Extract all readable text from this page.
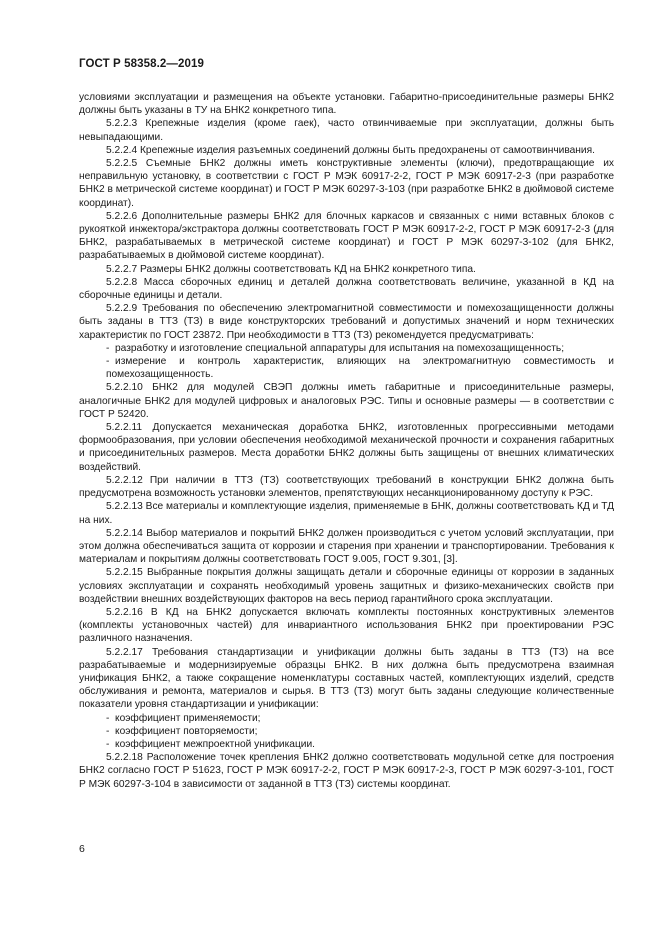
ГОСТ Р 58358.2—2019

условиями эксплуатации и размещения на объекте установки. Габаритно-присоединительные размеры БНК2 должны быть указаны в ТУ на БНК2 конкретного типа.

5.2.2.3 Крепежные изделия (кроме гаек), часто отвинчиваемые при эксплуатации, должны быть невыпадающими.

5.2.2.4 Крепежные изделия разъемных соединений должны быть предохранены от самоотвинчивания.

5.2.2.5 Съемные БНК2 должны иметь конструктивные элементы (ключи), предотвращающие их неправильную установку, в соответствии с ГОСТ Р МЭК 60917-2-2, ГОСТ Р МЭК 60917-2-3 (при разработке БНК2 в метрической системе координат) и ГОСТ Р МЭК 60297-3-103 (при разработке БНК2 в дюймовой системе координат).

5.2.2.6 Дополнительные размеры БНК2 для блочных каркасов и связанных с ними вставных блоков с рукояткой инжектора/экстрактора должны соответствовать ГОСТ Р МЭК 60917-2-2, ГОСТ Р МЭК 60917-2-3 (для БНК2, разрабатываемых в метрической системе координат) и ГОСТ Р МЭК 60297-3-102 (для БНК2, разрабатываемых в дюймовой системе координат).

5.2.2.7 Размеры БНК2 должны соответствовать КД на БНК2 конкретного типа.

5.2.2.8 Масса сборочных единиц и деталей должна соответствовать величине, указанной в КД на сборочные единицы и детали.

5.2.2.9 Требования по обеспечению электромагнитной совместимости и помехозащищенности должны быть заданы в ТТЗ (ТЗ) в виде конструкторских требований и допустимых значений и норм технических характеристик по ГОСТ 23872. При необходимости в ТТЗ (ТЗ) рекомендуется предусматривать:

- разработку и изготовление специальной аппаратуры для испытания на помехозащищенность;

- измерение и контроль характеристик, влияющих на электромагнитную совместимость и помехозащищенность.

5.2.2.10 БНК2 для модулей СВЭП должны иметь габаритные и присоединительные размеры, аналогичные БНК2 для модулей цифровых и аналоговых РЭС. Типы и основные размеры — в соответствии с ГОСТ Р 52420.

5.2.2.11 Допускается механическая доработка БНК2, изготовленных прогрессивными методами формообразования, при условии обеспечения необходимой механической прочности и сохранения габаритных и присоединительных размеров. Места доработки БНК2 должны быть защищены от внешних климатических воздействий.

5.2.2.12 При наличии в ТТЗ (ТЗ) соответствующих требований в конструкции БНК2 должна быть предусмотрена возможность установки элементов, препятствующих несанкционированному доступу к РЭС.

5.2.2.13 Все материалы и комплектующие изделия, применяемые в БНК, должны соответствовать КД и ТД на них.

5.2.2.14 Выбор материалов и покрытий БНК2 должен производиться с учетом условий эксплуатации, при этом должна обеспечиваться защита от коррозии и старения при хранении и транспортировании. Требования к материалам и покрытиям должны соответствовать ГОСТ 9.005, ГОСТ 9.301, [3].

5.2.2.15 Выбранные покрытия должны защищать детали и сборочные единицы от коррозии в заданных условиях эксплуатации и сохранять необходимый уровень защитных и физико-механических свойств при воздействии внешних воздействующих факторов на весь период гарантийного срока эксплуатации.

5.2.2.16 В КД на БНК2 допускается включать комплекты постоянных конструктивных элементов (комплекты установочных частей) для инвариантного использования БНК2 при проектировании РЭС различного назначения.

5.2.2.17 Требования стандартизации и унификации должны быть заданы в ТТЗ (ТЗ) на все разрабатываемые и модернизируемые образцы БНК2. В них должна быть предусмотрена взаимная унификация БНК2, а также сокращение номенклатуры составных частей, комплектующих изделий, средств обслуживания и ремонта, материалов и сырья. В ТТЗ (ТЗ) могут быть заданы следующие количественные показатели уровня стандартизации и унификации:

- коэффициент применяемости;

- коэффициент повторяемости;

- коэффициент межпроектной унификации.

5.2.2.18 Расположение точек крепления БНК2 должно соответствовать модульной сетке для построения БНК2 согласно ГОСТ Р 51623, ГОСТ Р МЭК 60917-2-2, ГОСТ Р МЭК 60917-2-3, ГОСТ Р МЭК 60297-3-101, ГОСТ Р МЭК 60297-3-104 в зависимости от заданной в ТТЗ (ТЗ) системы координат.

6
